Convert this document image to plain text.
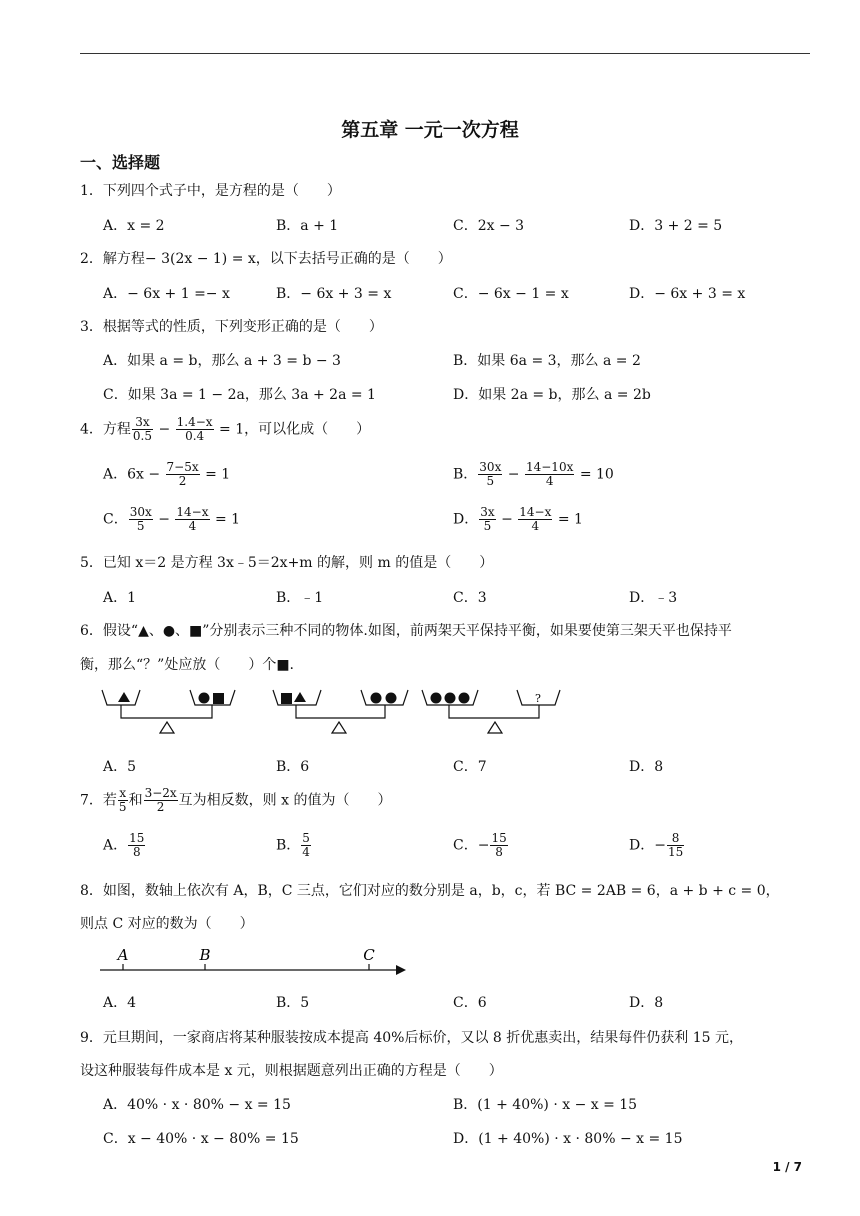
第五章 一元一次方程
一、选择题
1．下列四个式子中，是方程的是（　　）
A．x = 2	B．a + 1	C．2x − 3	D．3 + 2 = 5
2．解方程− 3(2x − 1) = x，以下去括号正确的是（　　）
A．− 6x + 1 =− x	B．− 6x + 3 = x	C．− 6x − 1 = x	D．− 6x + 3 = x
3．根据等式的性质，下列变形正确的是（　　）
A．如果 a = b，那么 a + 3 = b − 3	B．如果 6a = 3，那么 a = 2
C．如果 3a = 1 − 2a，那么 3a + 2a = 1	D．如果 2a = b，那么 a = 2b
4．方程 $\frac{3x}{0.5} - \frac{1.4-x}{0.4} = 1$，可以化成（　　）
A．$6x - \frac{7-5x}{2} = 1$	B． $\frac{30x}{5} - \frac{14-10x}{4} = 10$
C． $\frac{30x}{5} - \frac{14-x}{4} = 1$	D． $\frac{3x}{5} - \frac{14-x}{4} = 1$
5．已知 x＝2 是方程 3x﹣5＝2x+m 的解，则 m 的值是（　　）
A．1	B．﹣1	C．3	D．﹣3
6．假设“▲、●、■”分别表示三种不同的物体.如图，前两架天平保持平衡，如果要使第三架天平也保持平
衡，那么“？”处应放（　　）个■.
?
A．5	B．6	C．7	D．8
7．若 $\frac{x}{5}$ 和 $\frac{3-2x}{2}$ 互为相反数，则 x 的值为（　　）
A． $\frac{15}{8}$	B． $\frac{5}{4}$	C．− $\frac{15}{8}$	D．− $\frac{8}{15}$
8．如图，数轴上依次有 A，B，C 三点，它们对应的数分别是 a，b，c，若 BC = 2AB = 6，a + b + c = 0，
则点 C 对应的数为（　　）
A	B	C
A．4	B．5	C．6	D．8
9．元旦期间，一家商店将某种服装按成本提高 40%后标价，又以 8 折优惠卖出，结果每件仍获利 15 元，
设这种服装每件成本是 x 元，则根据题意列出正确的方程是（　　）
A．40% · x · 80% − x = 15	B．(1 + 40%) · x − x = 15
C．x − 40% · x − 80% = 15	D．(1 + 40%) · x · 80% − x = 15
1 / 7
